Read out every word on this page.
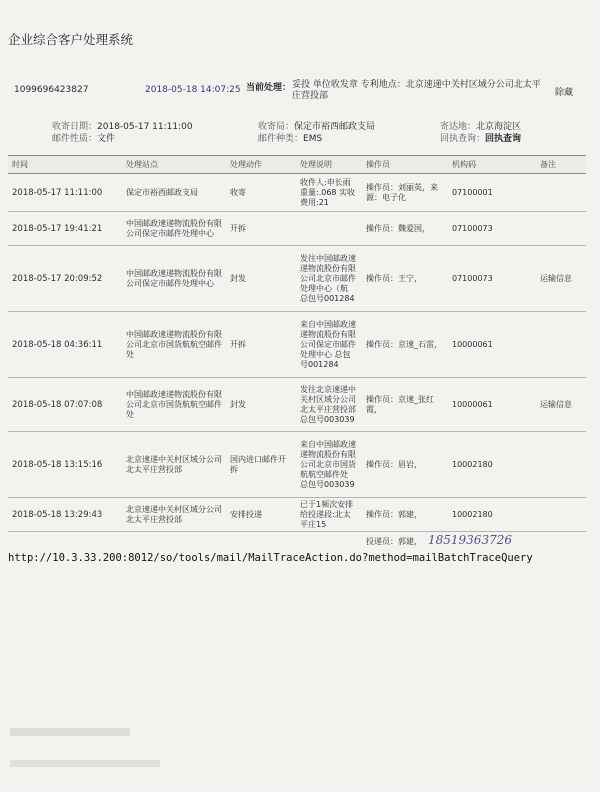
企业综合客户处理系统
1099696423827	2018-05-18 14:07:25 当前处理： 妥投 单位收发章 专利地点：北京速递中关村区域分公司北太平庄营投部	除藏
收寄日期：2018-05-17 11:11:00	收寄局：保定市裕西邮政支局	寄达地：北京海淀区
邮件性质：文件	邮件种类：EMS	回执查询：回执查询
时间	处理站点	处理动作	处理说明	操作员	机构码	备注
2018-05-17 11:11:00	保定市裕西邮政支局	收寄	收件人:申长雨 重量:.068 实收费用:21	操作员：刘丽英，来源：电子化	07100001	
2018-05-17 19:41:21	中国邮政速递物流股份有限公司保定市邮件处理中心	开拆		操作员：魏爱国，	07100073	
2018-05-17 20:09:52	中国邮政速递物流股份有限公司保定市邮件处理中心	封发	发往中国邮政速递物流股份有限公司北京市邮件处理中心（航 总包号001284	操作员：王宁，	07100073	运输信息
2018-05-18 04:36:11	中国邮政速递物流股份有限公司北京市国货航航空邮件处	开拆	来自中国邮政速递物流股份有限公司保定市邮件处理中心 总包号001284	操作员：京速_石雷，	10000061	
2018-05-18 07:07:08	中国邮政速递物流股份有限公司北京市国货航航空邮件处	封发	发往北京速递中关村区域分公司北太平庄营投部 总包号003039	操作员：京速_张红霞，	10000061	运输信息
2018-05-18 13:15:16	北京速递中关村区域分公司北太平庄营投部	国内进口邮件开拆	来自中国邮政速递物流股份有限公司北京市国货航航空邮件处 总包号003039	操作员：眉岩，	10002180	
2018-05-18 13:29:43	北京速递中关村区域分公司北太平庄营投部	安排投递	已于1频次安排给投递段:北太平庄15	操作员：郭建，	10002180	
				投递员：郭建， 18519363726		
http://10.3.33.200:8012/so/tools/mail/MailTraceAction.do?method=mailBatchTraceQuery
